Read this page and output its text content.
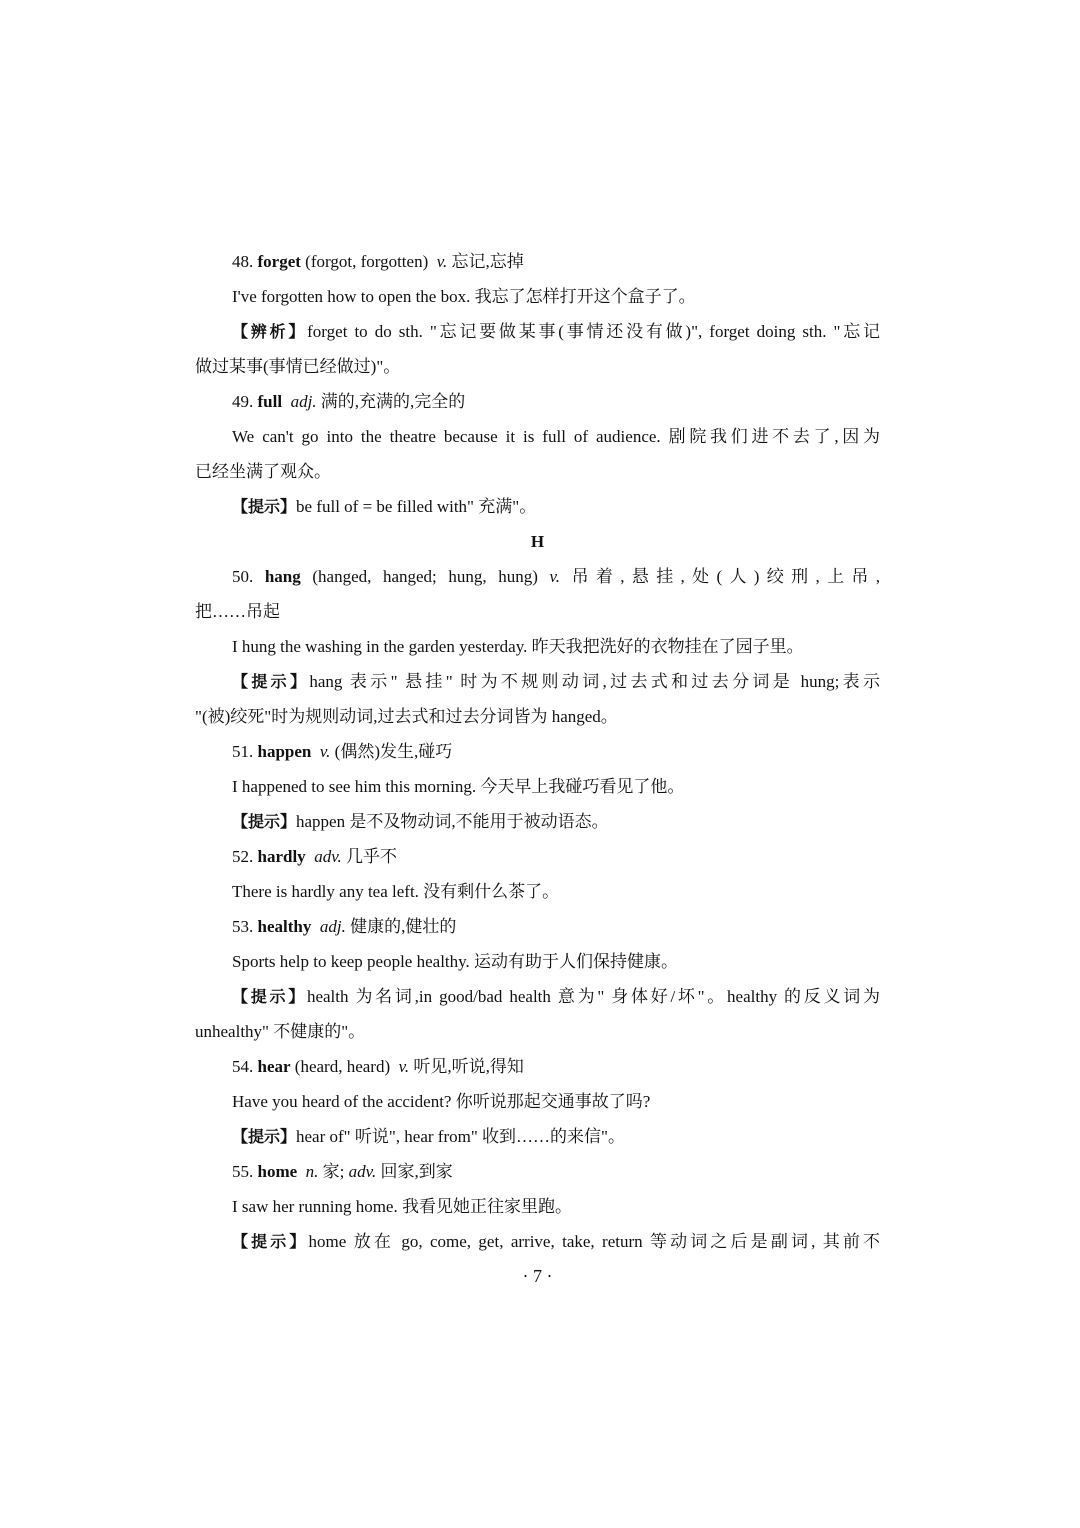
48. forget (forgot, forgotten) v. 忘记,忘掉
I've forgotten how to open the box. 我忘了怎样打开这个盒子了。
【辨析】forget to do sth. "忘记要做某事(事情还没有做)", forget doing sth. "忘记
做过某事(事情已经做过)"。
49. full adj. 满的,充满的,完全的
We can't go into the theatre because it is full of audience. 剧院我们进不去了,因为
已经坐满了观众。
【提示】be full of = be filled with" 充满"。
H
50. hang (hanged, hanged; hung, hung) v. 吊着,悬挂,处(人)绞刑,上吊,
把……吊起
I hung the washing in the garden yesterday. 昨天我把洗好的衣物挂在了园子里。
【提示】hang 表示" 悬挂" 时为不规则动词,过去式和过去分词是 hung;表示
"(被)绞死"时为规则动词,过去式和过去分词皆为 hanged。
51. happen v. (偶然)发生,碰巧
I happened to see him this morning. 今天早上我碰巧看见了他。
【提示】happen 是不及物动词,不能用于被动语态。
52. hardly adv. 几乎不
There is hardly any tea left. 没有剩什么茶了。
53. healthy adj. 健康的,健壮的
Sports help to keep people healthy. 运动有助于人们保持健康。
【提示】health 为名词,in good/bad health 意为" 身体好/坏"。healthy 的反义词为
unhealthy" 不健康的"。
54. hear (heard, heard) v. 听见,听说,得知
Have you heard of the accident? 你听说那起交通事故了吗?
【提示】hear of" 听说", hear from" 收到……的来信"。
55. home n. 家; adv. 回家,到家
I saw her running home. 我看见她正往家里跑。
【提示】home 放在 go, come, get, arrive, take, return 等动词之后是副词, 其前不
· 7 ·
